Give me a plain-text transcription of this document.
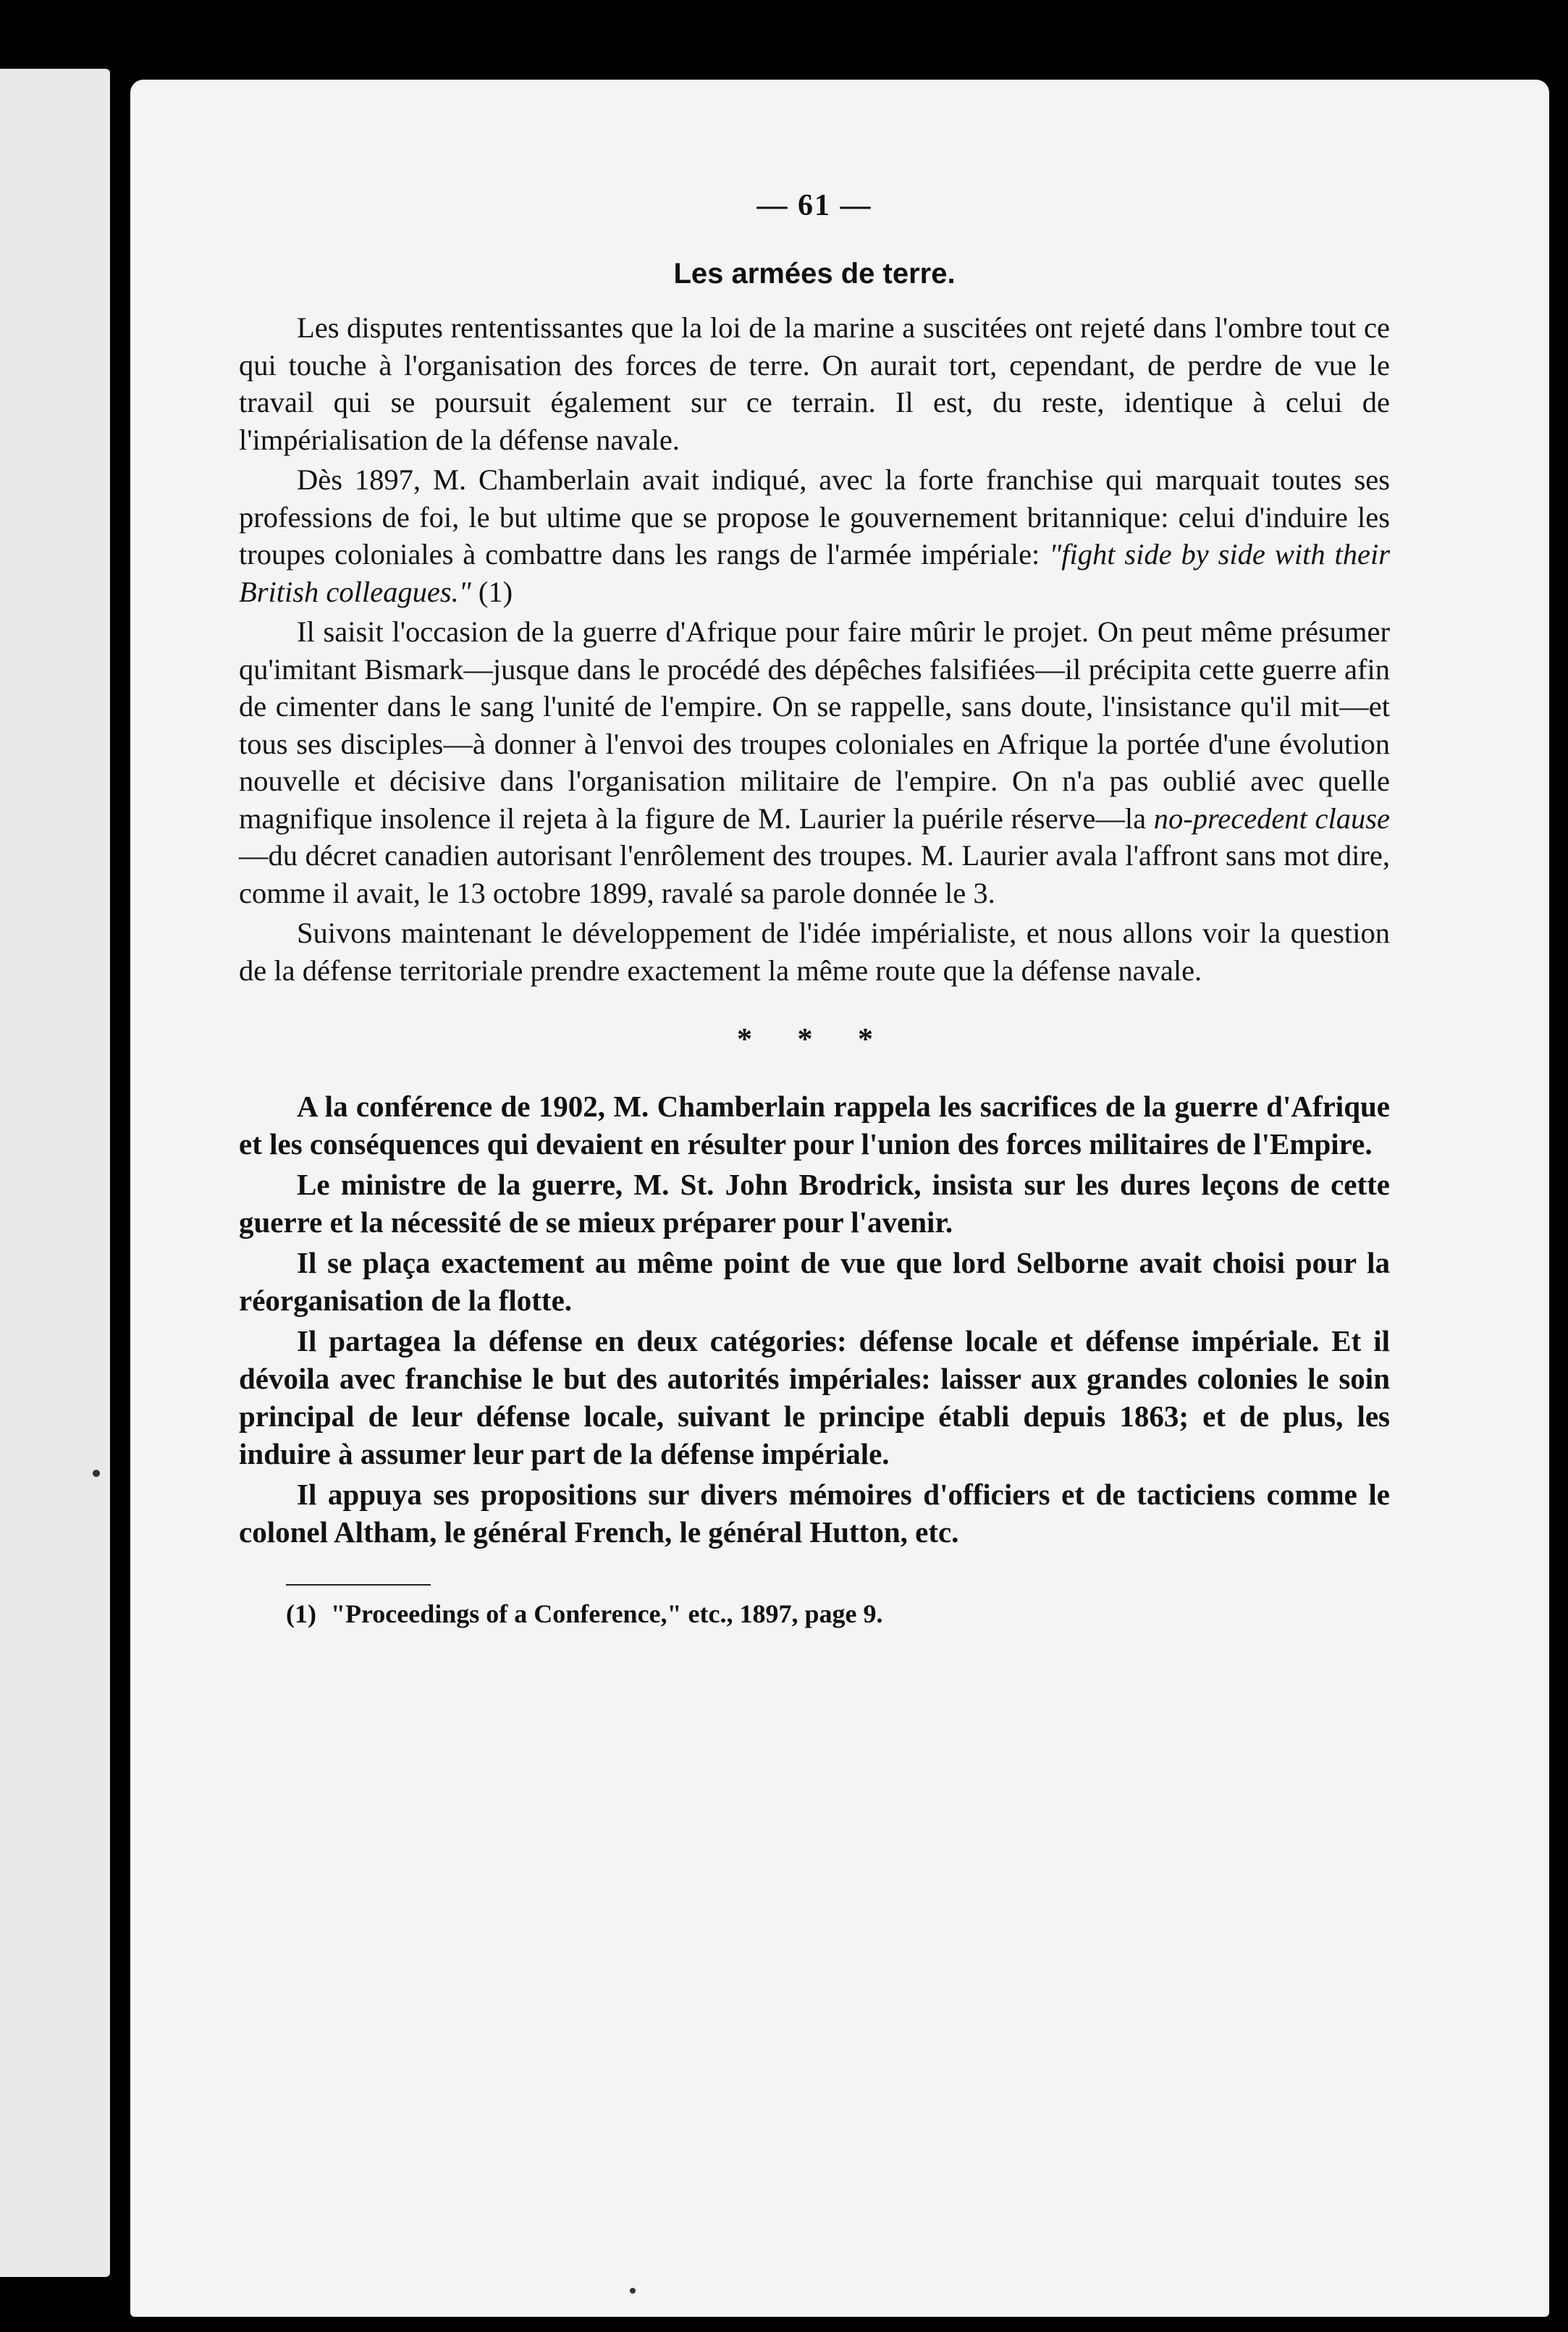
— 61 —
Les armées de terre.

Les disputes rententissantes que la loi de la marine a suscitées ont rejeté dans l'ombre tout ce qui touche à l'organisation des forces de terre. On aurait tort, cependant, de perdre de vue le travail qui se poursuit également sur ce terrain. Il est, du reste, identique à celui de l'impérialisation de la défense navale.

Dès 1897, M. Chamberlain avait indiqué, avec la forte franchise qui marquait toutes ses professions de foi, le but ultime que se propose le gouvernement britannique: celui d'induire les troupes coloniales à combattre dans les rangs de l'armée impériale: "fight side by side with their British colleagues." (1)

Il saisit l'occasion de la guerre d'Afrique pour faire mûrir le projet. On peut même présumer qu'imitant Bismark—jusque dans le procédé des dépêches falsifiées—il précipita cette guerre afin de cimenter dans le sang l'unité de l'empire. On se rappelle, sans doute, l'insistance qu'il mit—et tous ses disciples—à donner à l'envoi des troupes coloniales en Afrique la portée d'une évolution nouvelle et décisive dans l'organisation militaire de l'empire. On n'a pas oublié avec quelle magnifique insolence il rejeta à la figure de M. Laurier la puérile réserve—la no-precedent clause—du décret canadien autorisant l'enrôlement des troupes. M. Laurier avala l'affront sans mot dire, comme il avait, le 13 octobre 1899, ravalé sa parole donnée le 3.

Suivons maintenant le développement de l'idée impérialiste, et nous allons voir la question de la défense territoriale prendre exactement la même route que la défense navale.

* * *

A la conférence de 1902, M. Chamberlain rappela les sacrifices de la guerre d'Afrique et les conséquences qui devaient en résulter pour l'union des forces militaires de l'Empire.

Le ministre de la guerre, M. St. John Brodrick, insista sur les dures leçons de cette guerre et la nécessité de se mieux préparer pour l'avenir.

Il se plaça exactement au même point de vue que lord Selborne avait choisi pour la réorganisation de la flotte.

Il partagea la défense en deux catégories: défense locale et défense impériale. Et il dévoila avec franchise le but des autorités impériales: laisser aux grandes colonies le soin principal de leur défense locale, suivant le principe établi depuis 1863; et de plus, les induire à assumer leur part de la défense impériale.

Il appuya ses propositions sur divers mémoires d'officiers et de tacticiens comme le colonel Altham, le général French, le général Hutton, etc.

(1) "Proceedings of a Conference," etc., 1897, page 9.
